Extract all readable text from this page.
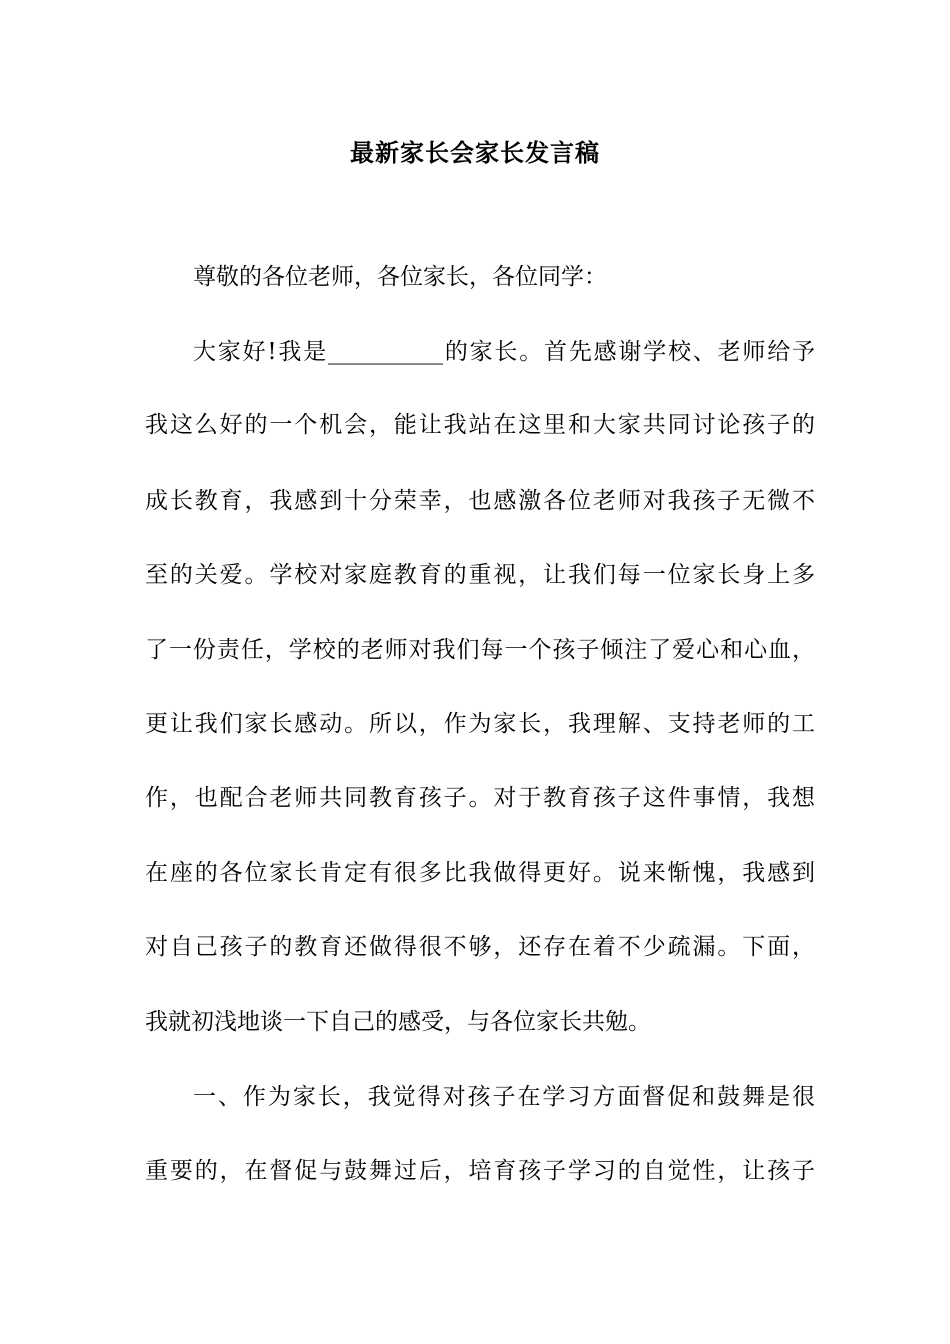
最新家长会家长发言稿
尊敬的各位老师，各位家长，各位同学：
大家好!我是__________的家长。首先感谢学校、老师给予
我这么好的一个机会，能让我站在这里和大家共同讨论孩子的
成长教育，我感到十分荣幸，也感激各位老师对我孩子无微不
至的关爱。学校对家庭教育的重视，让我们每一位家长身上多
了一份责任，学校的老师对我们每一个孩子倾注了爱心和心血，
更让我们家长感动。所以，作为家长，我理解、支持老师的工
作，也配合老师共同教育孩子。对于教育孩子这件事情，我想
在座的各位家长肯定有很多比我做得更好。说来惭愧，我感到
对自己孩子的教育还做得很不够，还存在着不少疏漏。下面，
我就初浅地谈一下自己的感受，与各位家长共勉。
一、作为家长，我觉得对孩子在学习方面督促和鼓舞是很
重要的，在督促与鼓舞过后，培育孩子学习的自觉性，让孩子
